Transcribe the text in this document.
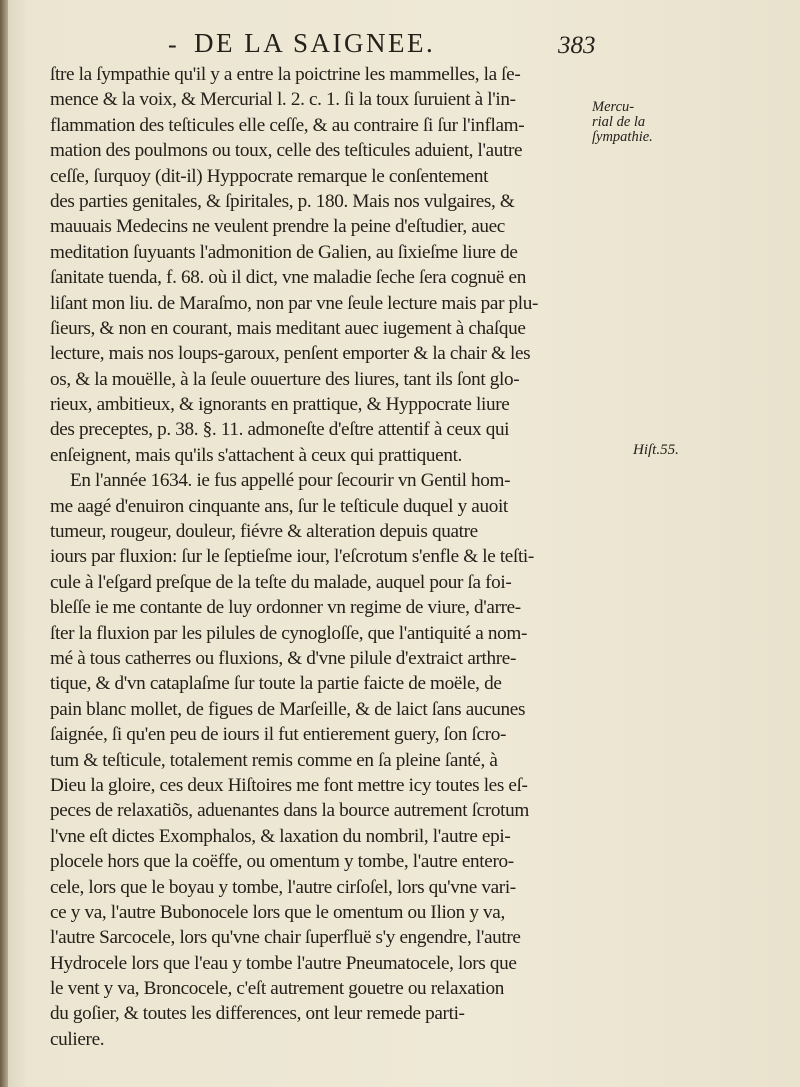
- DE LA SAIGNEE.	383
Mercu-
rial de la
ſympathie.
Hiſt.55.
ſtre la ſympathie qu'il y a entre la poictrine les mammelles, la ſe-
mence & la voix, & Mercurial l. 2. c. 1. ſi la toux ſuruient à l'in-
flammation des teſticules elle ceſſe, & au contraire ſi ſur l'inflam-
mation des poulmons ou toux, celle des teſticules aduient, l'autre
ceſſe, ſurquoy (dit-il) Hyppocrate remarque le conſentement
des parties genitales, & ſpiritales, p. 180. Mais nos vulgaires, &
mauuais Medecins ne veulent prendre la peine d'eſtudier, auec
meditation ſuyuants l'admonition de Galien, au ſixieſme liure de
ſanitate tuenda, f. 68. où il dict, vne maladie ſeche ſera cognuë en
liſant mon liu. de Maraſmo, non par vne ſeule lecture mais par plu-
ſieurs, & non en courant, mais meditant auec iugement à chaſque
lecture, mais nos loups-garoux, penſent emporter & la chair & les
os, & la mouëlle, à la ſeule ouuerture des liures, tant ils ſont glo-
rieux, ambitieux, & ignorants en prattique, & Hyppocrate liure
des preceptes, p. 38. §. 11. admoneſte d'eſtre attentif à ceux qui
enſeignent, mais qu'ils s'attachent à ceux qui prattiquent.
En l'année 1634. ie fus appellé pour ſecourir vn Gentil hom-
me aagé d'enuiron cinquante ans, ſur le teſticule duquel y auoit
tumeur, rougeur, douleur, fiévre & alteration depuis quatre
iours par fluxion: ſur le ſeptieſme iour, l'eſcrotum s'enfle & le teſti-
cule à l'eſgard preſque de la teſte du malade, auquel pour ſa foi-
bleſſe ie me contante de luy ordonner vn regime de viure, d'arre-
ſter la fluxion par les pilules de cynogloſſe, que l'antiquité a nom-
mé à tous catherres ou fluxions, & d'vne pilule d'extraict arthre-
tique, & d'vn cataplaſme ſur toute la partie faicte de moële, de
pain blanc mollet, de figues de Marſeille, & de laict ſans aucunes
ſaignée, ſi qu'en peu de iours il fut entierement guery, ſon ſcro-
tum & teſticule, totalement remis comme en ſa pleine ſanté, à
Dieu la gloire, ces deux Hiſtoires me font mettre icy toutes les eſ-
peces de relaxatiõs, aduenantes dans la bource autrement ſcrotum
l'vne eſt dictes Exomphalos, & laxation du nombril, l'autre epi-
plocele hors que la coëffe, ou omentum y tombe, l'autre entero-
cele, lors que le boyau y tombe, l'autre cirſoſel, lors qu'vne vari-
ce y va, l'autre Bubonocele lors que le omentum ou Ilion y va,
l'autre Sarcocele, lors qu'vne chair ſuperfluë s'y engendre, l'autre
Hydrocele lors que l'eau y tombe l'autre Pneumatocele, lors que
le vent y va, Broncocele, c'eſt autrement gouetre ou relaxation
du goſier, & toutes les differences, ont leur remede parti-
culiere.
